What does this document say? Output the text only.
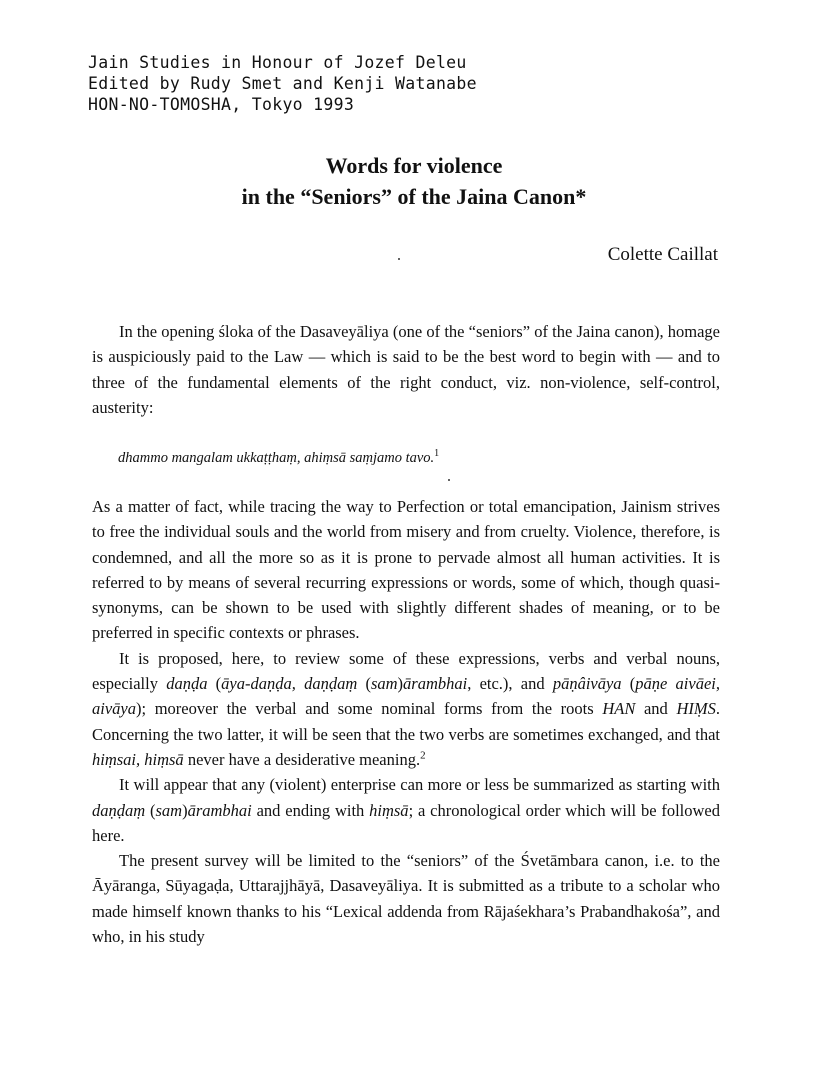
Jain Studies in Honour of Jozef Deleu
Edited by Rudy Smet and Kenji Watanabe
HON-NO-TOMOSHA, Tokyo 1993
Words for violence
in the “Seniors” of the Jaina Canon*
Colette Caillat

In the opening śloka of the Dasaveyāliya (one of the “seniors” of the Jaina canon), homage is auspiciously paid to the Law — which is said to be the best word to begin with — and to three of the fundamental elements of the right conduct, viz. non-violence, self-control, austerity:

dhammo mangalam ukkaṭṭhaṃ, ahiṃsā saṃjamo tavo.$^1$

As a matter of fact, while tracing the way to Perfection or total emancipation, Jainism strives to free the individual souls and the world from misery and from cruelty. Violence, therefore, is condemned, and all the more so as it is prone to pervade almost all human activities. It is referred to by means of several recurring expressions or words, some of which, though quasi-synonyms, can be shown to be used with slightly different shades of meaning, or to be preferred in specific contexts or phrases.

It is proposed, here, to review some of these expressions, verbs and verbal nouns, especially daṇḍa (āya-daṇḍa, daṇḍaṃ (sam)ārambhai, etc.), and pāṇâivāya (pāṇe aivāei, aivāya); moreover the verbal and some nominal forms from the roots HAN and HIṂS. Concerning the two latter, it will be seen that the two verbs are sometimes exchanged, and that hiṃsai, hiṃsā never have a desiderative meaning.$^2$

It will appear that any (violent) enterprise can more or less be summarized as starting with daṇḍaṃ (sam)ārambhai and ending with hiṃsā; a chronological order which will be followed here.

The present survey will be limited to the “seniors” of the Śvetāmbara canon, i.e. to the Āyāranga, Sūyagaḍa, Uttarajjhāyā, Dasaveyāliya. It is submitted as a tribute to a scholar who made himself known thanks to his “Lexical addenda from Rājaśekhara’s Prabandhakośa”, and who, in his study
